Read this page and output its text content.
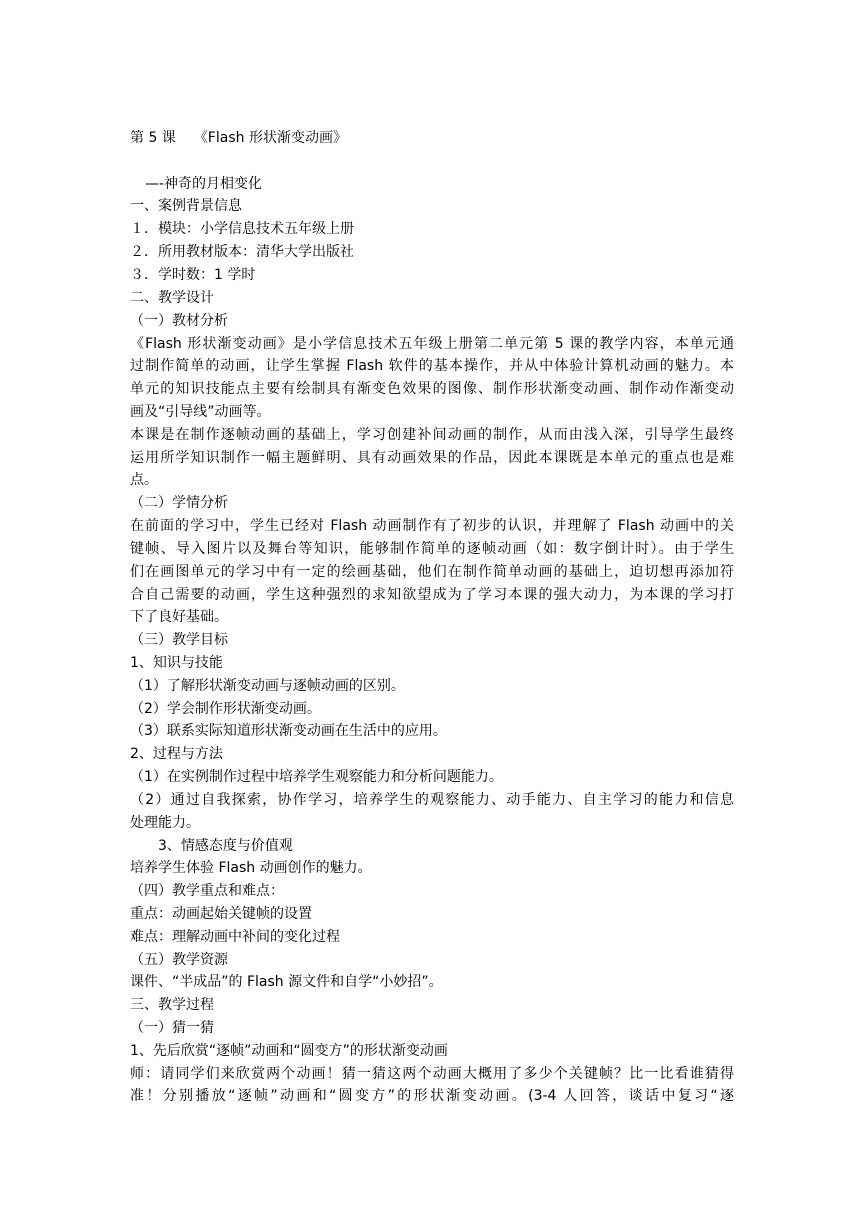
第 5 课 《Flash 形状渐变动画》
—-神奇的月相变化
一、案例背景信息
１．模块：小学信息技术五年级上册
２．所用教材版本：清华大学出版社
３．学时数：1 学时
二、教学设计
（一）教材分析
《Flash 形状渐变动画》是小学信息技术五年级上册第二单元第 5 课的教学内容，本单元通
过制作简单的动画，让学生掌握 Flash 软件的基本操作，并从中体验计算机动画的魅力。本
单元的知识技能点主要有绘制具有渐变色效果的图像、制作形状渐变动画、制作动作渐变动
画及“引导线”动画等。
本课是在制作逐帧动画的基础上，学习创建补间动画的制作，从而由浅入深，引导学生最终
运用所学知识制作一幅主题鲜明、具有动画效果的作品，因此本课既是本单元的重点也是难
点。
（二）学情分析
在前面的学习中，学生已经对 Flash 动画制作有了初步的认识，并理解了 Flash 动画中的关
键帧、导入图片以及舞台等知识，能够制作简单的逐帧动画（如：数字倒计时）。由于学生
们在画图单元的学习中有一定的绘画基础，他们在制作简单动画的基础上，迫切想再添加符
合自己需要的动画，学生这种强烈的求知欲望成为了学习本课的强大动力，为本课的学习打
下了良好基础。
（三）教学目标
1、知识与技能
（1）了解形状渐变动画与逐帧动画的区别。
（2）学会制作形状渐变动画。
（3）联系实际知道形状渐变动画在生活中的应用。
2、过程与方法
（1）在实例制作过程中培养学生观察能力和分析问题能力。
（2）通过自我探索，协作学习，培养学生的观察能力、动手能力、自主学习的能力和信息
处理能力。
3、情感态度与价值观
培养学生体验 Flash 动画创作的魅力。
（四）教学重点和难点：
重点：动画起始关键帧的设置
难点：理解动画中补间的变化过程
（五）教学资源
课件、“半成品”的 Flash 源文件和自学“小妙招”。
三、教学过程
（一）猜一猜
1、先后欣赏“逐帧”动画和“圆变方”的形状渐变动画
师：请同学们来欣赏两个动画！猜一猜这两个动画大概用了多少个关键帧？比一比看谁猜得
准！分别播放“逐帧”动画和“圆变方”的形状渐变动画。(3-4 人回答，谈话中复习“逐
